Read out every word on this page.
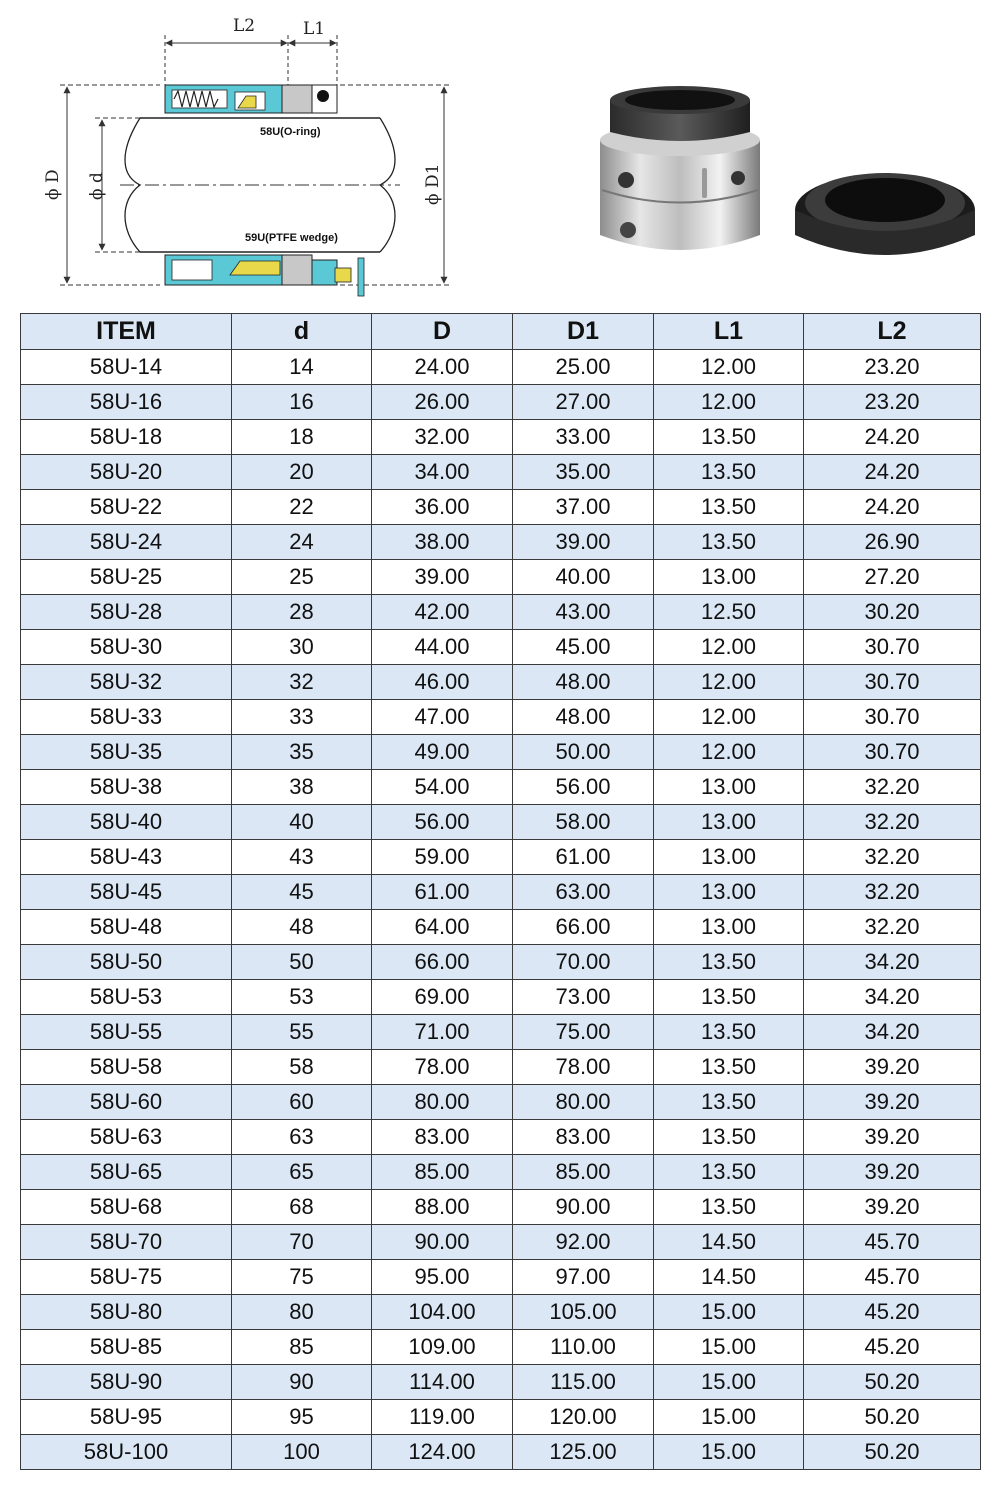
L2	L1
ϕ D ϕ d	ϕ D1
58U(O-ring)
59U(PTFE wedge)
ITEM	d	D	D1	L1	L2
58U-14	14	24.00	25.00	12.00	23.20
58U-16	16	26.00	27.00	12.00	23.20
58U-18	18	32.00	33.00	13.50	24.20
58U-20	20	34.00	35.00	13.50	24.20
58U-22	22	36.00	37.00	13.50	24.20
58U-24	24	38.00	39.00	13.50	26.90
58U-25	25	39.00	40.00	13.00	27.20
58U-28	28	42.00	43.00	12.50	30.20
58U-30	30	44.00	45.00	12.00	30.70
58U-32	32	46.00	48.00	12.00	30.70
58U-33	33	47.00	48.00	12.00	30.70
58U-35	35	49.00	50.00	12.00	30.70
58U-38	38	54.00	56.00	13.00	32.20
58U-40	40	56.00	58.00	13.00	32.20
58U-43	43	59.00	61.00	13.00	32.20
58U-45	45	61.00	63.00	13.00	32.20
58U-48	48	64.00	66.00	13.00	32.20
58U-50	50	66.00	70.00	13.50	34.20
58U-53	53	69.00	73.00	13.50	34.20
58U-55	55	71.00	75.00	13.50	34.20
58U-58	58	78.00	78.00	13.50	39.20
58U-60	60	80.00	80.00	13.50	39.20
58U-63	63	83.00	83.00	13.50	39.20
58U-65	65	85.00	85.00	13.50	39.20
58U-68	68	88.00	90.00	13.50	39.20
58U-70	70	90.00	92.00	14.50	45.70
58U-75	75	95.00	97.00	14.50	45.70
58U-80	80	104.00	105.00	15.00	45.20
58U-85	85	109.00	110.00	15.00	45.20
58U-90	90	114.00	115.00	15.00	50.20
58U-95	95	119.00	120.00	15.00	50.20
58U-100	100	124.00	125.00	15.00	50.20
